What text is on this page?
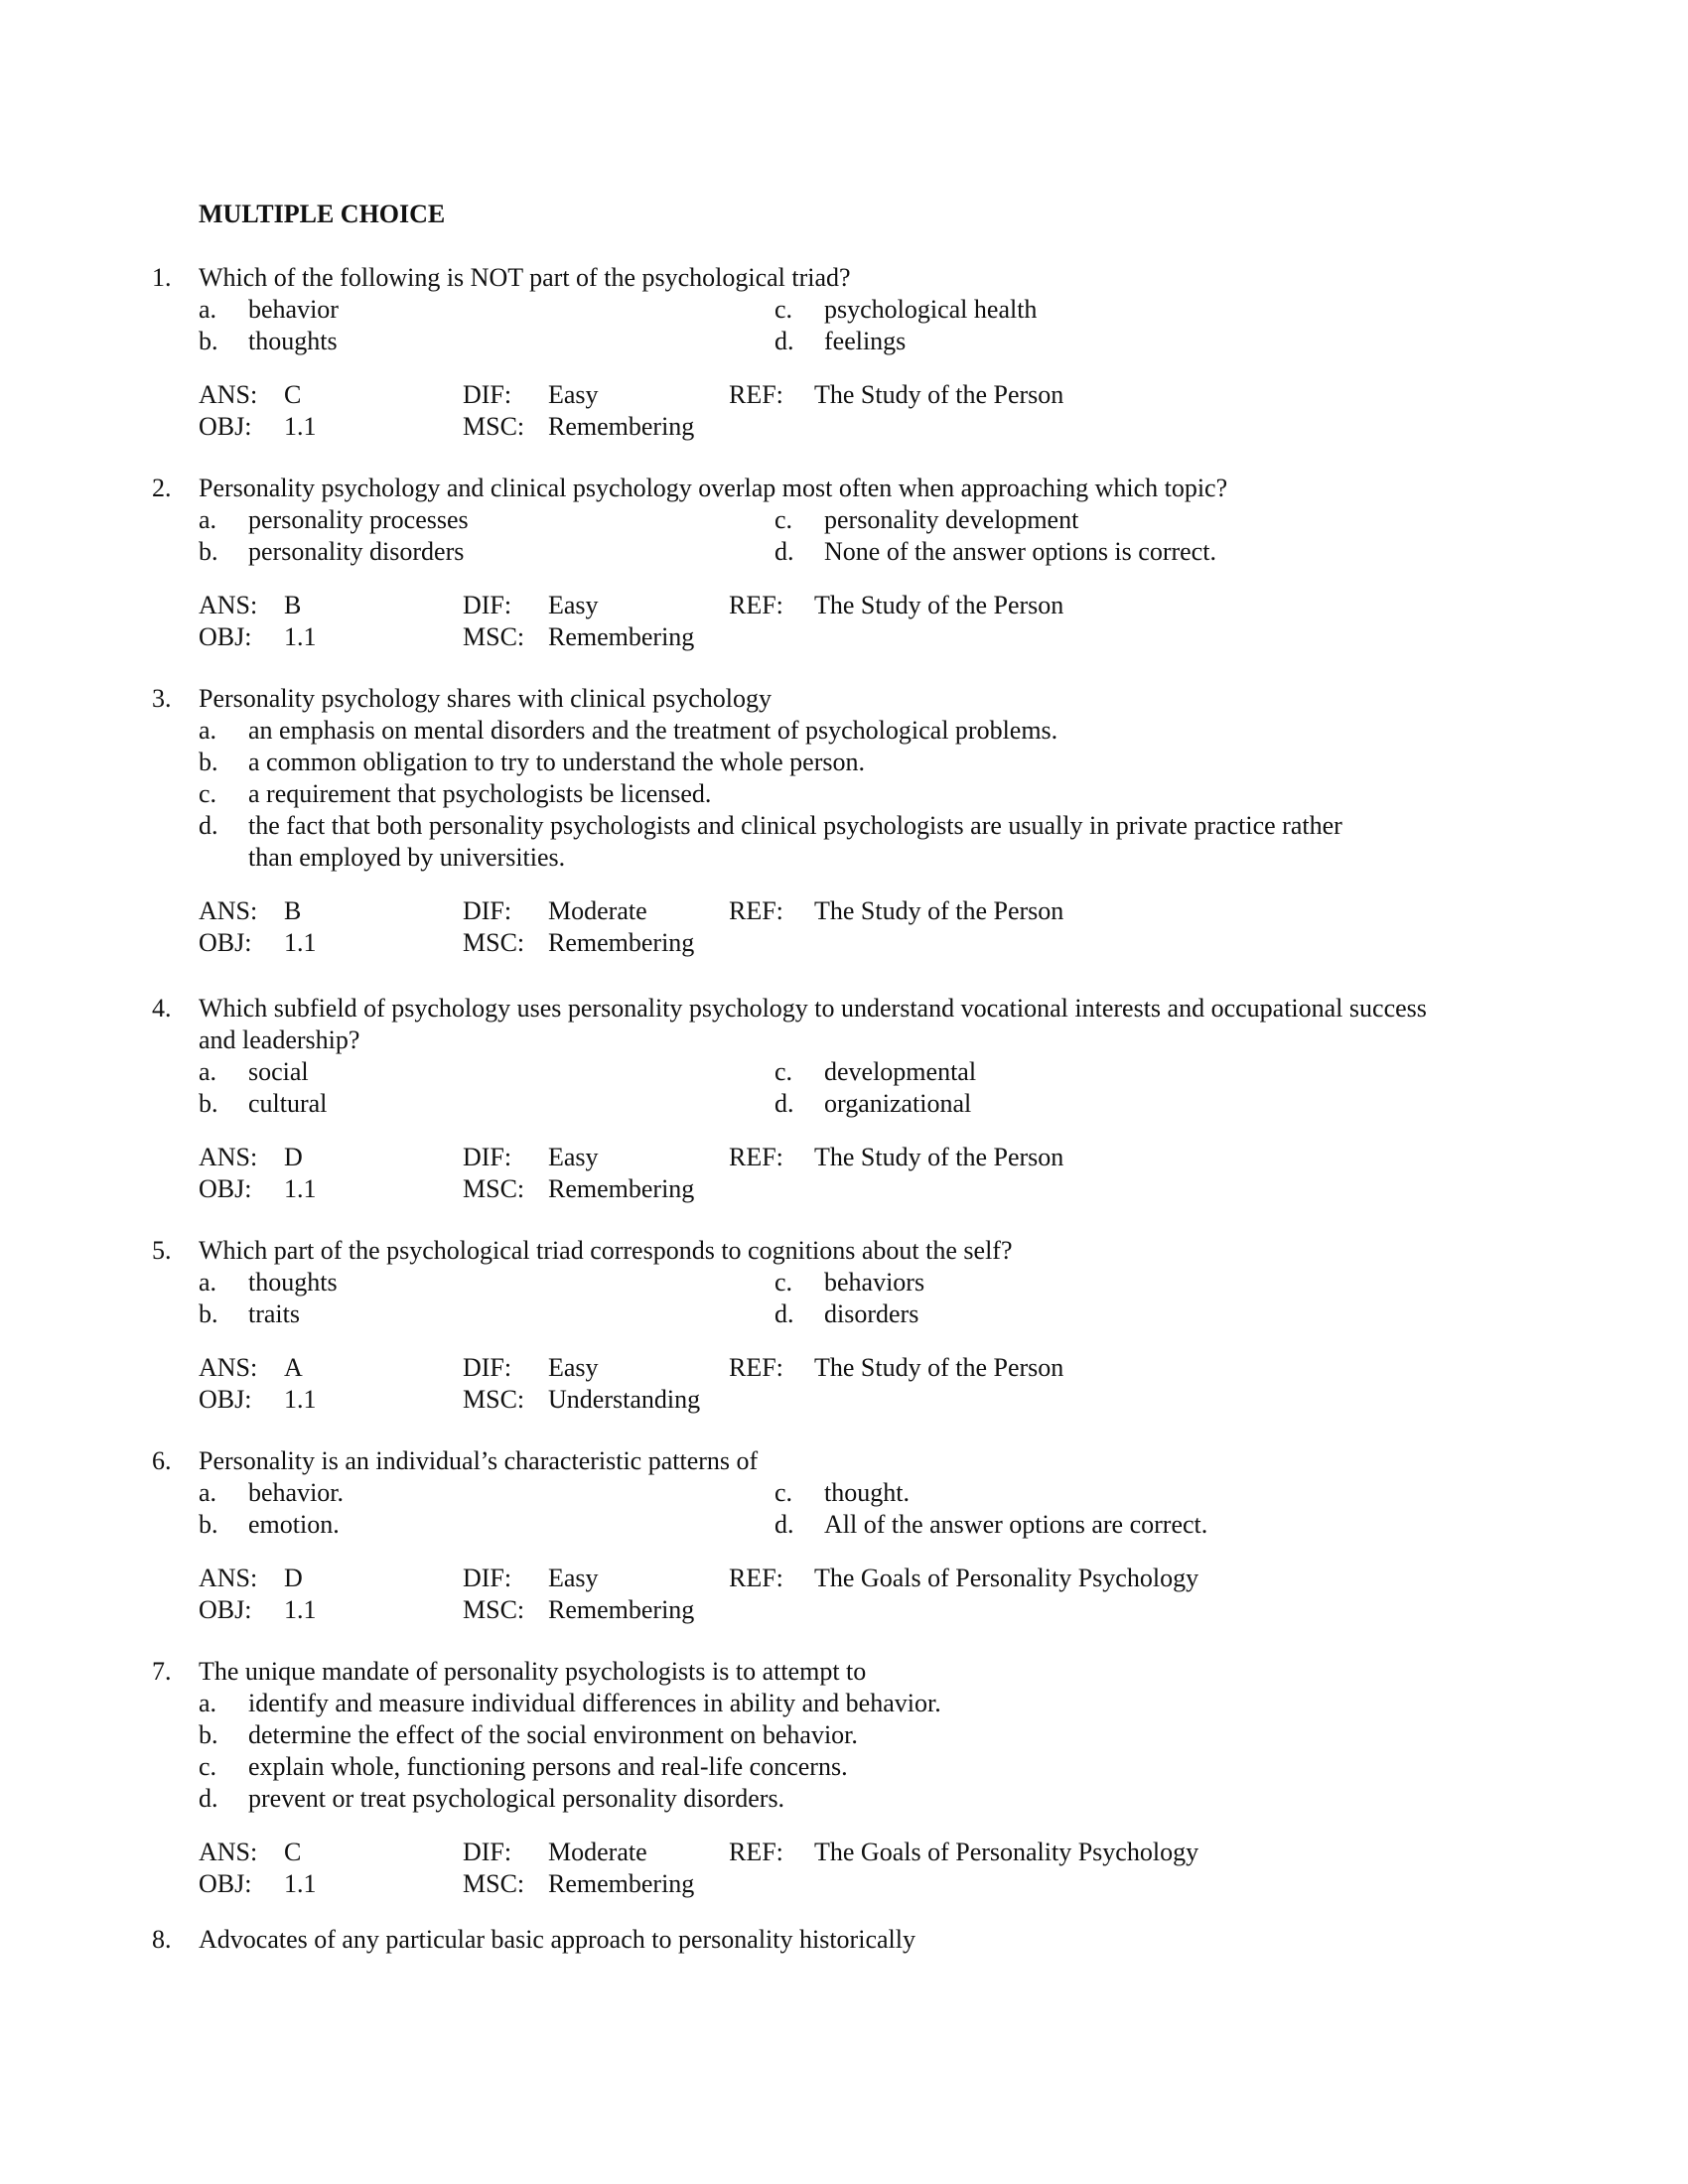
MULTIPLE CHOICE
1. Which of the following is NOT part of the psychological triad?
a. behavior
b. thoughts
c. psychological health
d. feelings
ANS: C	DIF: Easy	REF: The Study of the Person
OBJ: 1.1	MSC: Remembering
2. Personality psychology and clinical psychology overlap most often when approaching which topic?
a. personality processes
b. personality disorders
c. personality development
d. None of the answer options is correct.
ANS: B	DIF: Easy	REF: The Study of the Person
OBJ: 1.1	MSC: Remembering
3. Personality psychology shares with clinical psychology
a. an emphasis on mental disorders and the treatment of psychological problems.
b. a common obligation to try to understand the whole person.
c. a requirement that psychologists be licensed.
d. the fact that both personality psychologists and clinical psychologists are usually in private practice rather than employed by universities.
ANS: B	DIF: Moderate	REF: The Study of the Person
OBJ: 1.1	MSC: Remembering
4. Which subfield of psychology uses personality psychology to understand vocational interests and occupational success and leadership?
a. social
b. cultural
c. developmental
d. organizational
ANS: D	DIF: Easy	REF: The Study of the Person
OBJ: 1.1	MSC: Remembering
5. Which part of the psychological triad corresponds to cognitions about the self?
a. thoughts
b. traits
c. behaviors
d. disorders
ANS: A	DIF: Easy	REF: The Study of the Person
OBJ: 1.1	MSC: Understanding
6. Personality is an individual’s characteristic patterns of
a. behavior.
b. emotion.
c. thought.
d. All of the answer options are correct.
ANS: D	DIF: Easy	REF: The Goals of Personality Psychology
OBJ: 1.1	MSC: Remembering
7. The unique mandate of personality psychologists is to attempt to
a. identify and measure individual differences in ability and behavior.
b. determine the effect of the social environment on behavior.
c. explain whole, functioning persons and real-life concerns.
d. prevent or treat psychological personality disorders.
ANS: C	DIF: Moderate	REF: The Goals of Personality Psychology
OBJ: 1.1	MSC: Remembering
8. Advocates of any particular basic approach to personality historically
